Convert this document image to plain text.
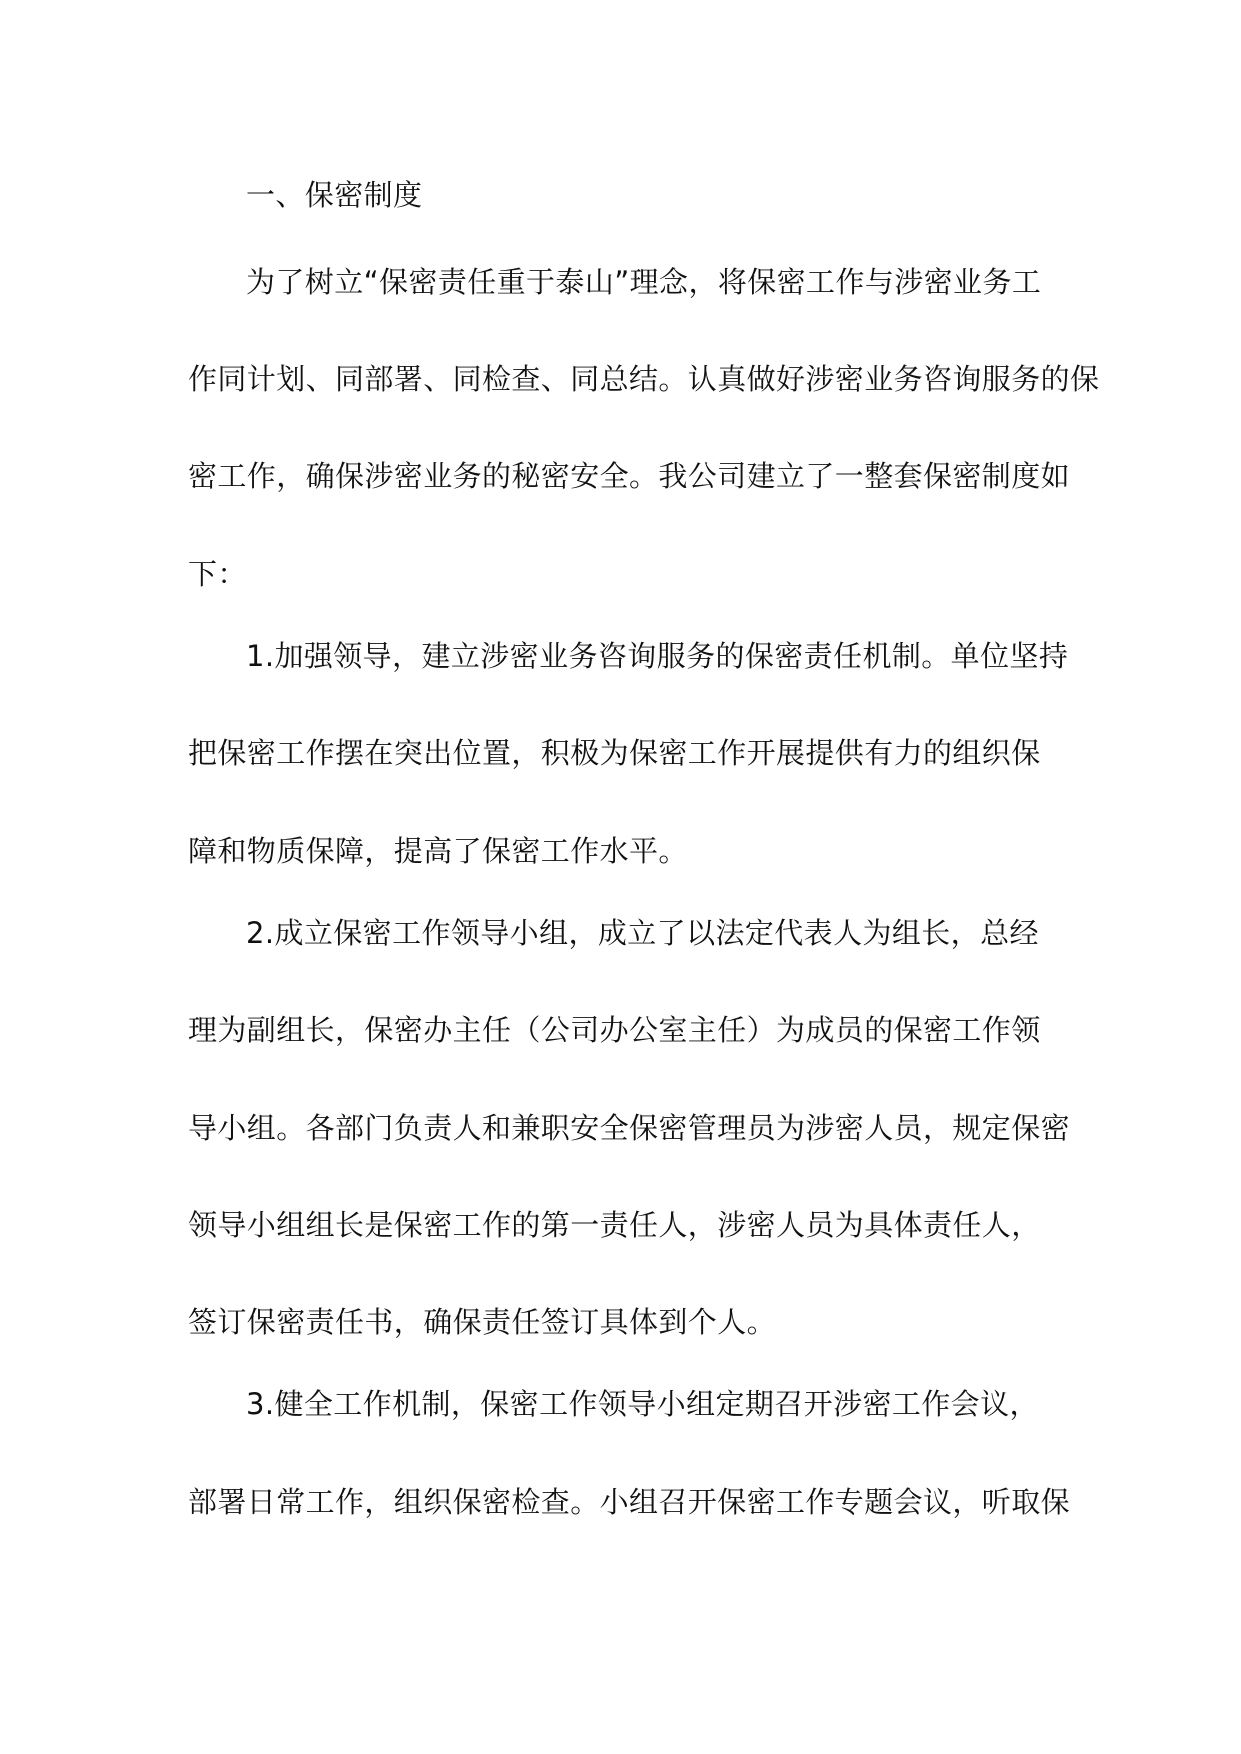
一、保密制度
为了树立“保密责任重于泰山”理念，将保密工作与涉密业务工
作同计划、同部署、同检查、同总结。认真做好涉密业务咨询服务的保
密工作，确保涉密业务的秘密安全。我公司建立了一整套保密制度如
下：
1.加强领导，建立涉密业务咨询服务的保密责任机制。单位坚持
把保密工作摆在突出位置，积极为保密工作开展提供有力的组织保
障和物质保障，提高了保密工作水平。
2.成立保密工作领导小组，成立了以法定代表人为组长，总经
理为副组长，保密办主任（公司办公室主任）为成员的保密工作领
导小组。各部门负责人和兼职安全保密管理员为涉密人员，规定保密
领导小组组长是保密工作的第一责任人，涉密人员为具体责任人，
签订保密责任书，确保责任签订具体到个人。
3.健全工作机制，保密工作领导小组定期召开涉密工作会议，
部署日常工作，组织保密检查。小组召开保密工作专题会议，听取保
